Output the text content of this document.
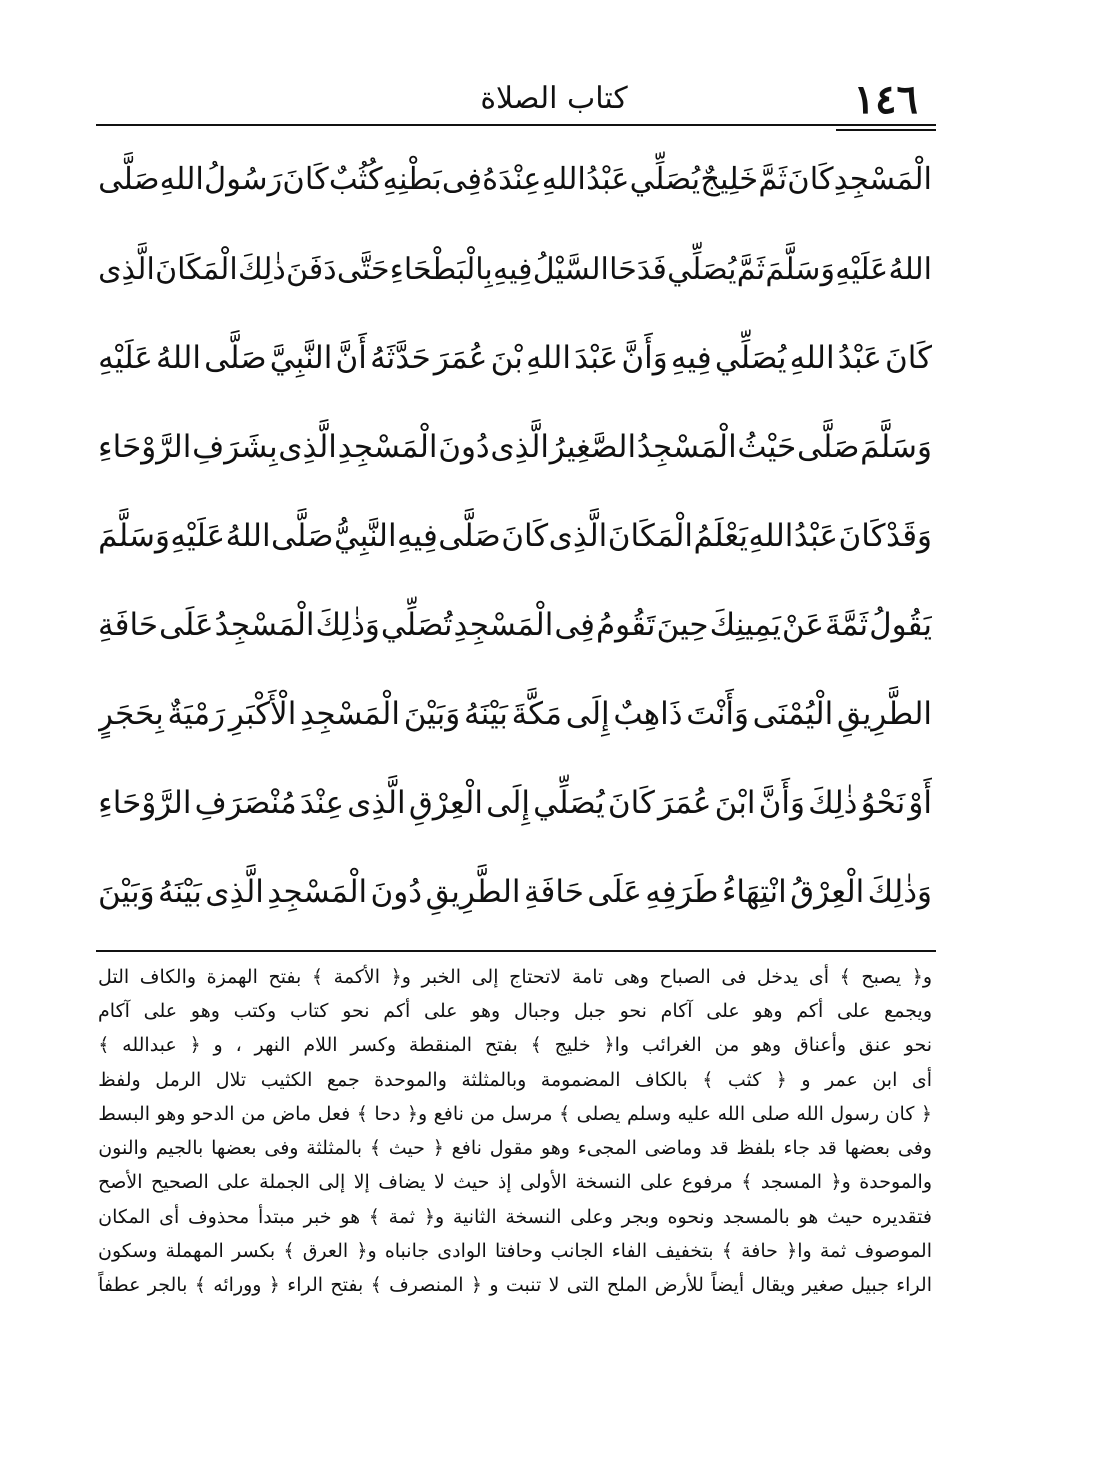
١٤٦
كتاب الصلاة
الْمَسْجِدِ
كَانَ
ثَمَّ
خَلِيجٌ
يُصَلِّي
عَبْدُ
اللهِ
عِنْدَهُ
فِى
بَطْنِهِ
كُثُبٌ
كَانَ
رَسُولُ
اللهِ
صَلَّى
اللهُ
عَلَيْهِ
وَسَلَّمَ
ثَمَّ
يُصَلِّي
فَدَحَا
السَّيْلُ
فِيهِ
بِالْبَطْحَاءِ
حَتَّى
دَفَنَ
ذٰلِكَ
الْمَكَانَ
الَّذِى
كَانَ
عَبْدُ
اللهِ
يُصَلِّي
فِيهِ
وَأَنَّ
عَبْدَ
اللهِ
بْنَ
عُمَرَ
حَدَّثَهُ
أَنَّ
النَّبِيَّ
صَلَّى
اللهُ
عَلَيْهِ
وَسَلَّمَ
صَلَّى
حَيْثُ
الْمَسْجِدُ
الصَّغِيرُ
الَّذِى
دُونَ
الْمَسْجِدِ
الَّذِى
بِشَرَفِ
الرَّوْحَاءِ
وَقَدْ
كَانَ
عَبْدُ
اللهِ
يَعْلَمُ
الْمَكَانَ
الَّذِى
كَانَ
صَلَّى
فِيهِ
النَّبِيُّ
صَلَّى
اللهُ
عَلَيْهِ
وَسَلَّمَ
يَقُولُ
ثَمَّةَ
عَنْ
يَمِينِكَ
حِينَ
تَقُومُ
فِى
الْمَسْجِدِ
تُصَلِّي
وَذٰلِكَ
الْمَسْجِدُ
عَلَى
حَافَةِ
الطَّرِيقِ
الْيُمْنَى
وَأَنْتَ
ذَاهِبٌ
إِلَى
مَكَّةَ
بَيْنَهُ
وَبَيْنَ
الْمَسْجِدِ
الْأَكْبَرِ
رَمْيَةٌ
بِحَجَرٍ
أَوْ
نَحْوُ
ذٰلِكَ
وَأَنَّ
ابْنَ
عُمَرَ
كَانَ
يُصَلِّي
إِلَى
الْعِرْقِ
الَّذِى
عِنْدَ
مُنْصَرَفِ
الرَّوْحَاءِ
وَذٰلِكَ
الْعِرْقُ
انْتِهَاءُ
طَرَفِهِ
عَلَى
حَافَةِ
الطَّرِيقِ
دُونَ
الْمَسْجِدِ
الَّذِى
بَيْنَهُ
وَبَيْنَ
و﴿
يصبح
﴾
أى
يدخل
فى
الصباح
وهى
تامة
لاتحتاج
إلى
الخبر
و﴿
الأكمة
﴾
بفتح
الهمزة
والكاف
التل
ويجمع
على
أكم
وهو
على
آكام
نحو
جبل
وجبال
وهو
على
أكم
نحو
كتاب
وكتب
وهو
على
آكام
نحو
عنق
وأعناق
وهو
من
الغرائب
وا﴿
خليج
﴾
بفتح
المنقطة
وكسر
اللام
النهر
،
و
﴿
عبدالله
﴾
أى
ابن
عمر
و
﴿
كثب
﴾
بالكاف
المضمومة
وبالمثلثة
والموحدة
جمع
الكثيب
تلال
الرمل
ولفظ
﴿
كان
رسول
الله
صلى
الله
عليه
وسلم
يصلى
﴾
مرسل
من
نافع
و﴿
دحا
﴾
فعل
ماض
من
الدحو
وهو
البسط
وفى
بعضها
قد
جاء
بلفظ
قد
وماضى
المجىء
وهو
مقول
نافع
﴿
حيث
﴾
بالمثلثة
وفى
بعضها
بالجيم
والنون
والموحدة
و﴿
المسجد
﴾
مرفوع
على
النسخة
الأولى
إذ
حيث
لا
يضاف
إلا
إلى
الجملة
على
الصحيح
الأصح
فتقديره
حيث
هو
بالمسجد
ونحوه
وبجر
وعلى
النسخة
الثانية
و﴿
ثمة
﴾
هو
خبر
مبتدأ
محذوف
أى
المكان
الموصوف
ثمة
وا﴿
حافة
﴾
بتخفيف
الفاء
الجانب
وحافتا
الوادى
جانباه
و﴿
العرق
﴾
بكسر
المهملة
وسكون
الراء
جبيل
صغير
ويقال
أيضاً
للأرض
الملح
التى
لا
تنبت
و
﴿
المنصرف
﴾
بفتح
الراء
﴿
وورائه
﴾
بالجر
عطفاً
